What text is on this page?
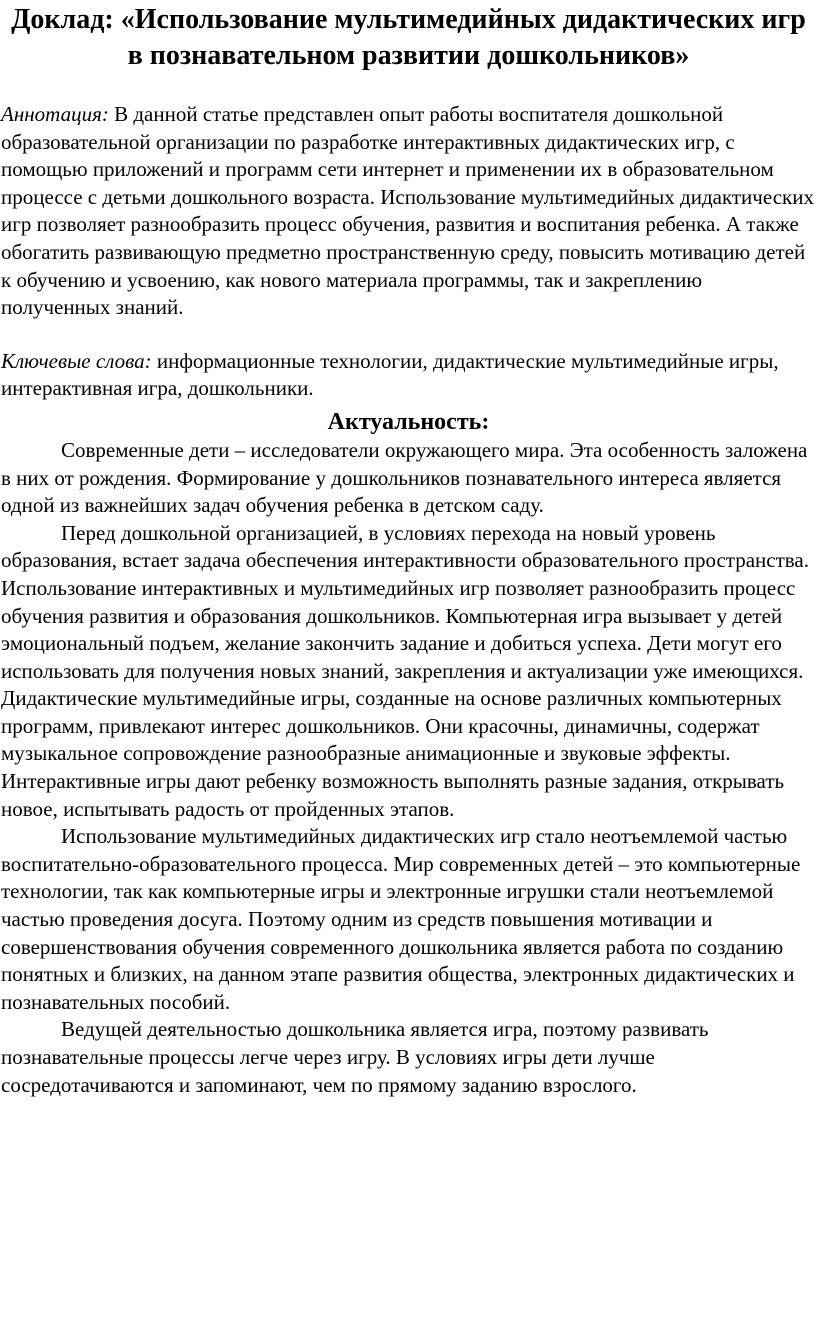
Доклад: «Использование мультимедийных дидактических игр в познавательном развитии дошкольников»

Аннотация: В данной статье представлен опыт работы воспитателя дошкольной образовательной организации по разработке интерактивных дидактических игр, с помощью приложений и программ сети интернет и применении их в образовательном процессе с детьми дошкольного возраста. Использование мультимедийных дидактических игр позволяет разнообразить процесс обучения, развития и воспитания ребенка. А также обогатить развивающую предметно пространственную среду, повысить мотивацию детей к обучению и усвоению, как нового материала программы, так и закреплению полученных знаний.

Ключевые слова: информационные технологии, дидактические мультимедийные игры, интерактивная игра, дошкольники.

Актуальность:

Современные дети – исследователи окружающего мира. Эта особенность заложена в них от рождения. Формирование у дошкольников познавательного интереса является одной из важнейших задач обучения ребенка в детском саду.

Перед дошкольной организацией, в условиях перехода на новый уровень образования, встает задача обеспечения интерактивности образовательного пространства. Использование интерактивных и мультимедийных игр позволяет разнообразить процесс обучения развития и образования дошкольников. Компьютерная игра вызывает у детей эмоциональный подъем, желание закончить задание и добиться успеха. Дети могут его использовать для получения новых знаний, закрепления и актуализации уже имеющихся. Дидактические мультимедийные игры, созданные на основе различных компьютерных программ, привлекают интерес дошкольников. Они красочны, динамичны, содержат музыкальное сопровождение разнообразные анимационные и звуковые эффекты. Интерактивные игры дают ребенку возможность выполнять разные задания, открывать новое, испытывать радость от пройденных этапов.

Использование мультимедийных дидактических игр стало неотъемлемой частью воспитательно-образовательного процесса. Мир современных детей – это компьютерные технологии, так как компьютерные игры и электронные игрушки стали неотъемлемой частью проведения досуга. Поэтому одним из средств повышения мотивации и совершенствования обучения современного дошкольника является работа по созданию понятных и близких, на данном этапе развития общества, электронных дидактических и познавательных пособий.

Ведущей деятельностью дошкольника является игра, поэтому развивать познавательные процессы легче через игру. В условиях игры дети лучше сосредотачиваются и запоминают, чем по прямому заданию взрослого.
